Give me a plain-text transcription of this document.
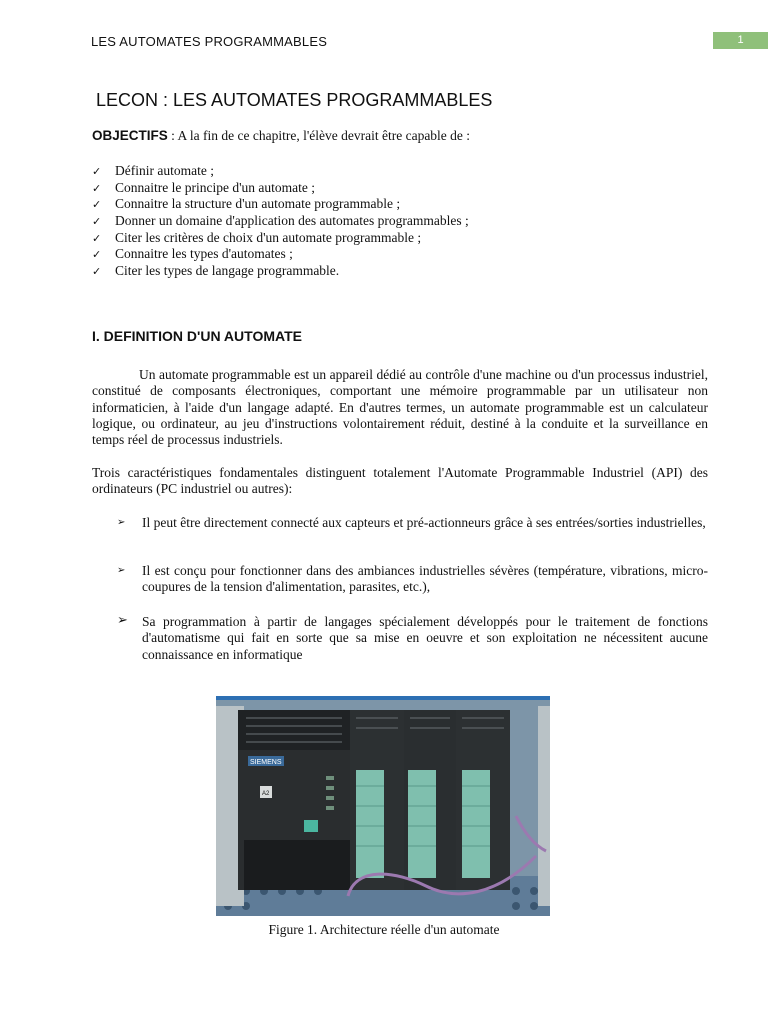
LES AUTOMATES PROGRAMMABLES	1
LECON : LES AUTOMATES PROGRAMMABLES
OBJECTIFS : A la fin de ce chapitre, l'élève devrait être capable de :
✓ Définir automate ;
✓ Connaitre le principe d'un automate ;
✓ Connaitre la structure d'un automate programmable ;
✓ Donner un domaine d'application des automates programmables ;
✓ Citer les critères de choix d'un automate programmable ;
✓ Connaitre les types d'automates ;
✓ Citer les types de langage programmable.
I. DEFINITION D'UN AUTOMATE

Un automate programmable est un appareil dédié au contrôle d'une machine ou d'un processus industriel, constitué de composants électroniques, comportant une mémoire programmable par un utilisateur non informaticien, à l'aide d'un langage adapté. En d'autres termes, un automate programmable est un calculateur logique, ou ordinateur, au jeu d'instructions volontairement réduit, destiné à la conduite et la surveillance en temps réel de processus industriels.

Trois caractéristiques fondamentales distinguent totalement l'Automate Programmable Industriel (API) des ordinateurs (PC industriel ou autres):

➢ Il peut être directement connecté aux capteurs et pré-actionneurs grâce à ses entrées/sorties industrielles,
➢ Il est conçu pour fonctionner dans des ambiances industrielles sévères (température, vibrations, micro-coupures de la tension d'alimentation, parasites, etc.),
➢ Sa programmation à partir de langages spécialement développés pour le traitement de fonctions d'automatisme qui fait en sorte que sa mise en oeuvre et son exploitation ne nécessitent aucune connaissance en informatique
SIEMENS
A2
Figure 1. Architecture réelle d'un automate
